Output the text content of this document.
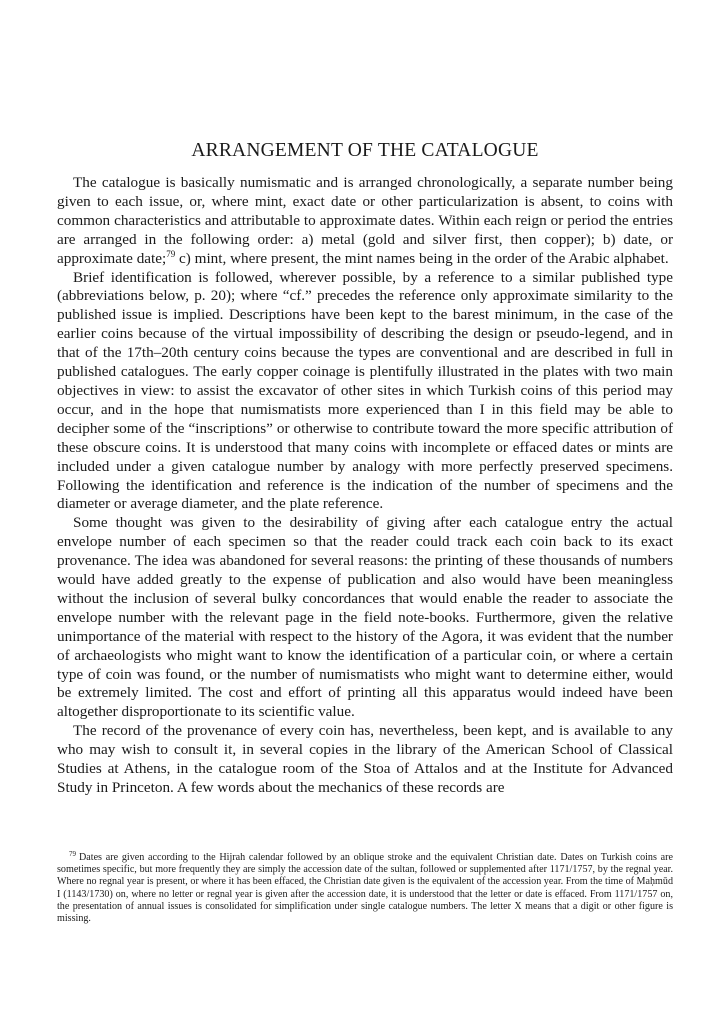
ARRANGEMENT OF THE CATALOGUE

The catalogue is basically numismatic and is arranged chronologically, a separate number being given to each issue, or, where mint, exact date or other particularization is absent, to coins with common characteristics and attributable to approximate dates. Within each reign or period the entries are arranged in the following order: a) metal (gold and silver first, then copper); b) date, or approximate date;$^{79}$ c) mint, where present, the mint names being in the order of the Arabic alphabet.

Brief identification is followed, wherever possible, by a reference to a similar published type (abbreviations below, p. 20); where “cf.” precedes the reference only approximate similarity to the published issue is implied. Descriptions have been kept to the barest minimum, in the case of the earlier coins because of the virtual impossibility of describing the design or pseudo-legend, and in that of the 17th–20th century coins because the types are conventional and are described in full in published catalogues. The early copper coinage is plentifully illustrated in the plates with two main objectives in view: to assist the excavator of other sites in which Turkish coins of this period may occur, and in the hope that numismatists more experienced than I in this field may be able to decipher some of the “inscriptions” or otherwise to contribute toward the more specific attribution of these obscure coins. It is understood that many coins with incomplete or effaced dates or mints are included under a given catalogue number by analogy with more perfectly preserved specimens. Following the identification and reference is the indication of the number of specimens and the diameter or average diameter, and the plate reference.

Some thought was given to the desirability of giving after each catalogue entry the actual envelope number of each specimen so that the reader could track each coin back to its exact provenance. The idea was abandoned for several reasons: the printing of these thousands of numbers would have added greatly to the expense of publication and also would have been meaningless without the inclusion of several bulky concordances that would enable the reader to associate the envelope number with the relevant page in the field note-books. Furthermore, given the relative unimportance of the material with respect to the history of the Agora, it was evident that the number of archaeologists who might want to know the identification of a particular coin, or where a certain type of coin was found, or the number of numismatists who might want to determine either, would be extremely limited. The cost and effort of printing all this apparatus would indeed have been altogether disproportionate to its scientific value.

The record of the provenance of every coin has, nevertheless, been kept, and is available to any who may wish to consult it, in several copies in the library of the American School of Classical Studies at Athens, in the catalogue room of the Stoa of Attalos and at the Institute for Advanced Study in Princeton. A few words about the mechanics of these records are

$^{79}$ Dates are given according to the Hijrah calendar followed by an oblique stroke and the equivalent Christian date. Dates on Turkish coins are sometimes specific, but more frequently they are simply the accession date of the sultan, followed or supplemented after 1171/1757, by the regnal year. Where no regnal year is present, or where it has been effaced, the Christian date given is the equivalent of the accession year. From the time of Maḥmūd I (1143/1730) on, where no letter or regnal year is given after the accession date, it is understood that the letter or date is effaced. From 1171/1757 on, the presentation of annual issues is consolidated for simplification under single catalogue numbers. The letter X means that a digit or other figure is missing.
